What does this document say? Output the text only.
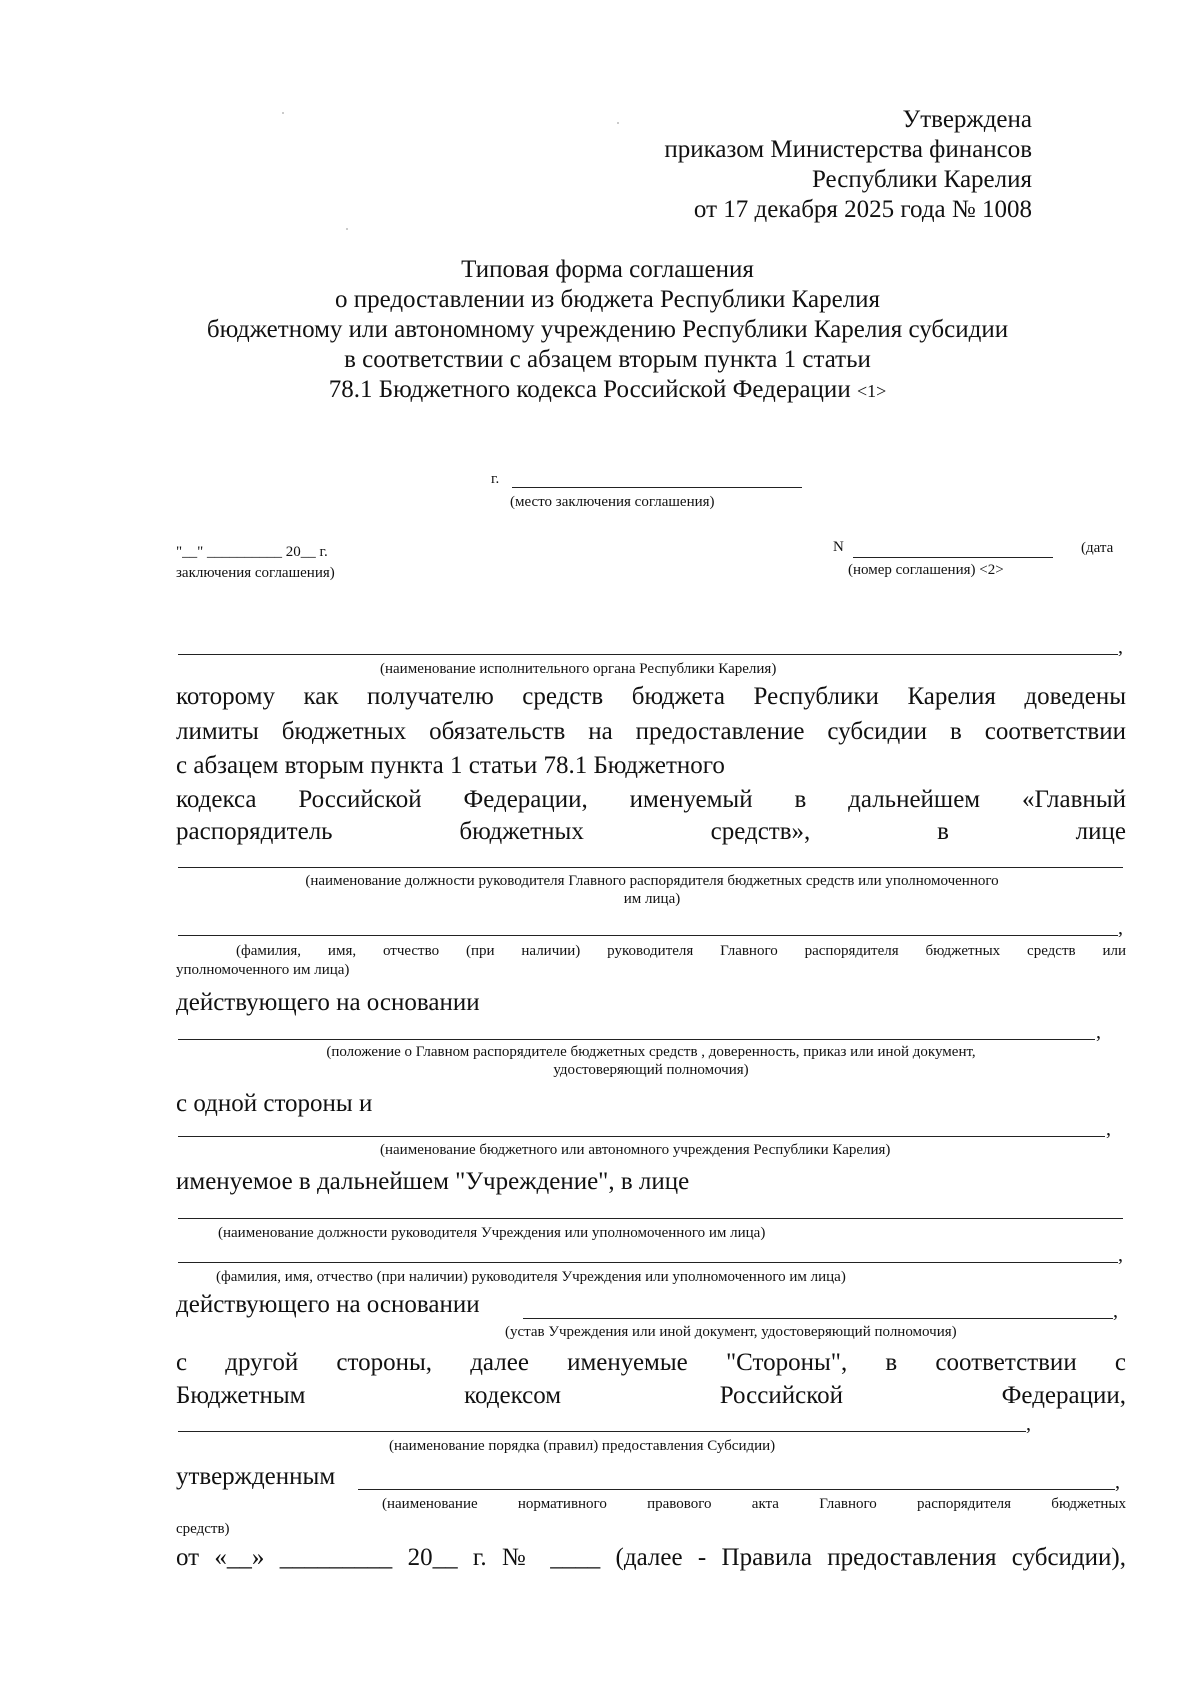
Утверждена
приказом Министерства финансов
Республики Карелия
от 17 декабря 2025 года № 1008
Типовая форма соглашения
о предоставлении из бюджета Республики Карелия
бюджетному или автономному учреждению Республики Карелия субсидии
в соответствии с абзацем вторым пункта 1 статьи
78.1 Бюджетного кодекса Российской Федерации <1>
г.
(место заключения соглашения)
"__" __________ 20__ г.
заключения соглашения)
N
(номер соглашения) <2>
(дата
,
(наименование исполнительного органа Республики Карелия)
которому как получателю средств бюджета Республики Карелия доведены
лимиты бюджетных обязательств на предоставление субсидии в соответствии
с абзацем вторым пункта 1 статьи 78.1 Бюджетного
кодекса Российской Федерации, именуемый в дальнейшем «Главный
распорядитель бюджетных средств», в лице
(наименование должности руководителя Главного распорядителя бюджетных средств или уполномоченного
им лица)
,
(фамилия, имя, отчество (при наличии) руководителя Главного распорядителя бюджетных средств или
уполномоченного им лица)
действующего на основании
,
(положение о Главном распорядителе бюджетных средств , доверенность, приказ или иной документ,
удостоверяющий полномочия)
с одной стороны и
,
(наименование бюджетного или автономного учреждения Республики Карелия)
именуемое в дальнейшем "Учреждение", в лице
(наименование должности руководителя Учреждения или уполномоченного им лица)
,
(фамилия, имя, отчество (при наличии) руководителя Учреждения или уполномоченного им лица)
действующего на основании	,
(устав Учреждения или иной документ, удостоверяющий полномочия)
с другой стороны, далее именуемые "Стороны", в соответствии с
Бюджетным кодексом Российской Федерации,
,
(наименование порядка (правил) предоставления Субсидии)
утвержденным	,
(наименование нормативного правового акта Главного распорядителя бюджетных
средств)
от «__» _________ 20__ г. № ____ (далее - Правила предоставления субсидии),
